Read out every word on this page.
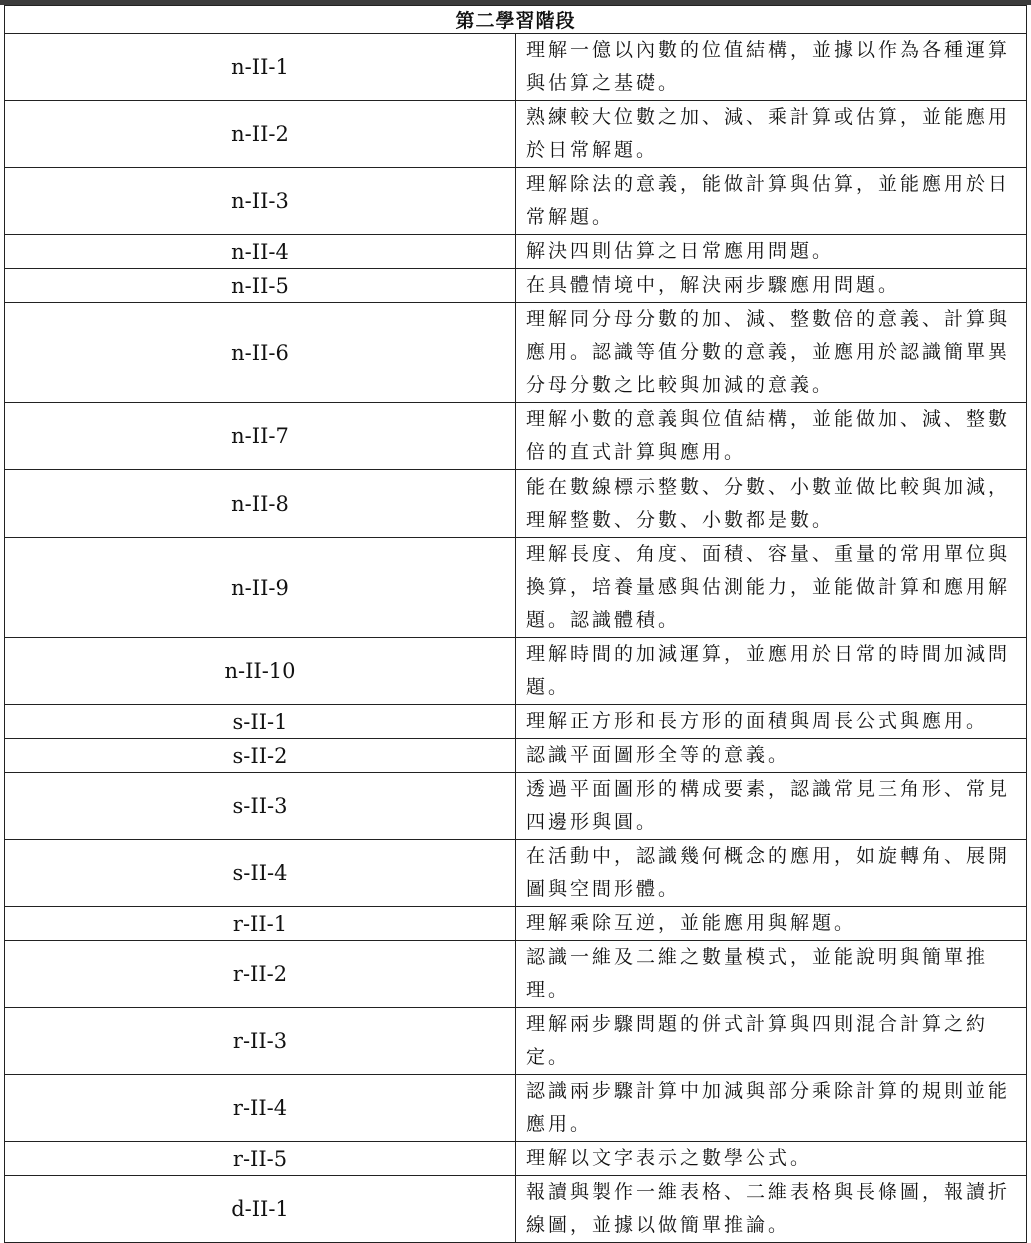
第二學習階段	
n-II-1	理解一億以內數的位值結構，並據以作為各種運算與估算之基礎。
n-II-2	熟練較大位數之加、減、乘計算或估算，並能應用於日常解題。
n-II-3	理解除法的意義，能做計算與估算，並能應用於日常解題。
n-II-4	解決四則估算之日常應用問題。
n-II-5	在具體情境中，解決兩步驟應用問題。
n-II-6	理解同分母分數的加、減、整數倍的意義、計算與應用。認識等值分數的意義，並應用於認識簡單異分母分數之比較與加減的意義。
n-II-7	理解小數的意義與位值結構，並能做加、減、整數倍的直式計算與應用。
n-II-8	能在數線標示整數、分數、小數並做比較與加減，理解整數、分數、小數都是數。
n-II-9	理解長度、角度、面積、容量、重量的常用單位與換算，培養量感與估測能力，並能做計算和應用解題。認識體積。
n-II-10	理解時間的加減運算，並應用於日常的時間加減問題。
s-II-1	理解正方形和長方形的面積與周長公式與應用。
s-II-2	認識平面圖形全等的意義。
s-II-3	透過平面圖形的構成要素，認識常見三角形、常見四邊形與圓。
s-II-4	在活動中，認識幾何概念的應用，如旋轉角、展開圖與空間形體。
r-II-1	理解乘除互逆，並能應用與解題。
r-II-2	認識一維及二維之數量模式，並能說明與簡單推理。
r-II-3	理解兩步驟問題的併式計算與四則混合計算之約定。
r-II-4	認識兩步驟計算中加減與部分乘除計算的規則並能應用。
r-II-5	理解以文字表示之數學公式。
d-II-1	報讀與製作一維表格、二維表格與長條圖，報讀折線圖，並據以做簡單推論。
